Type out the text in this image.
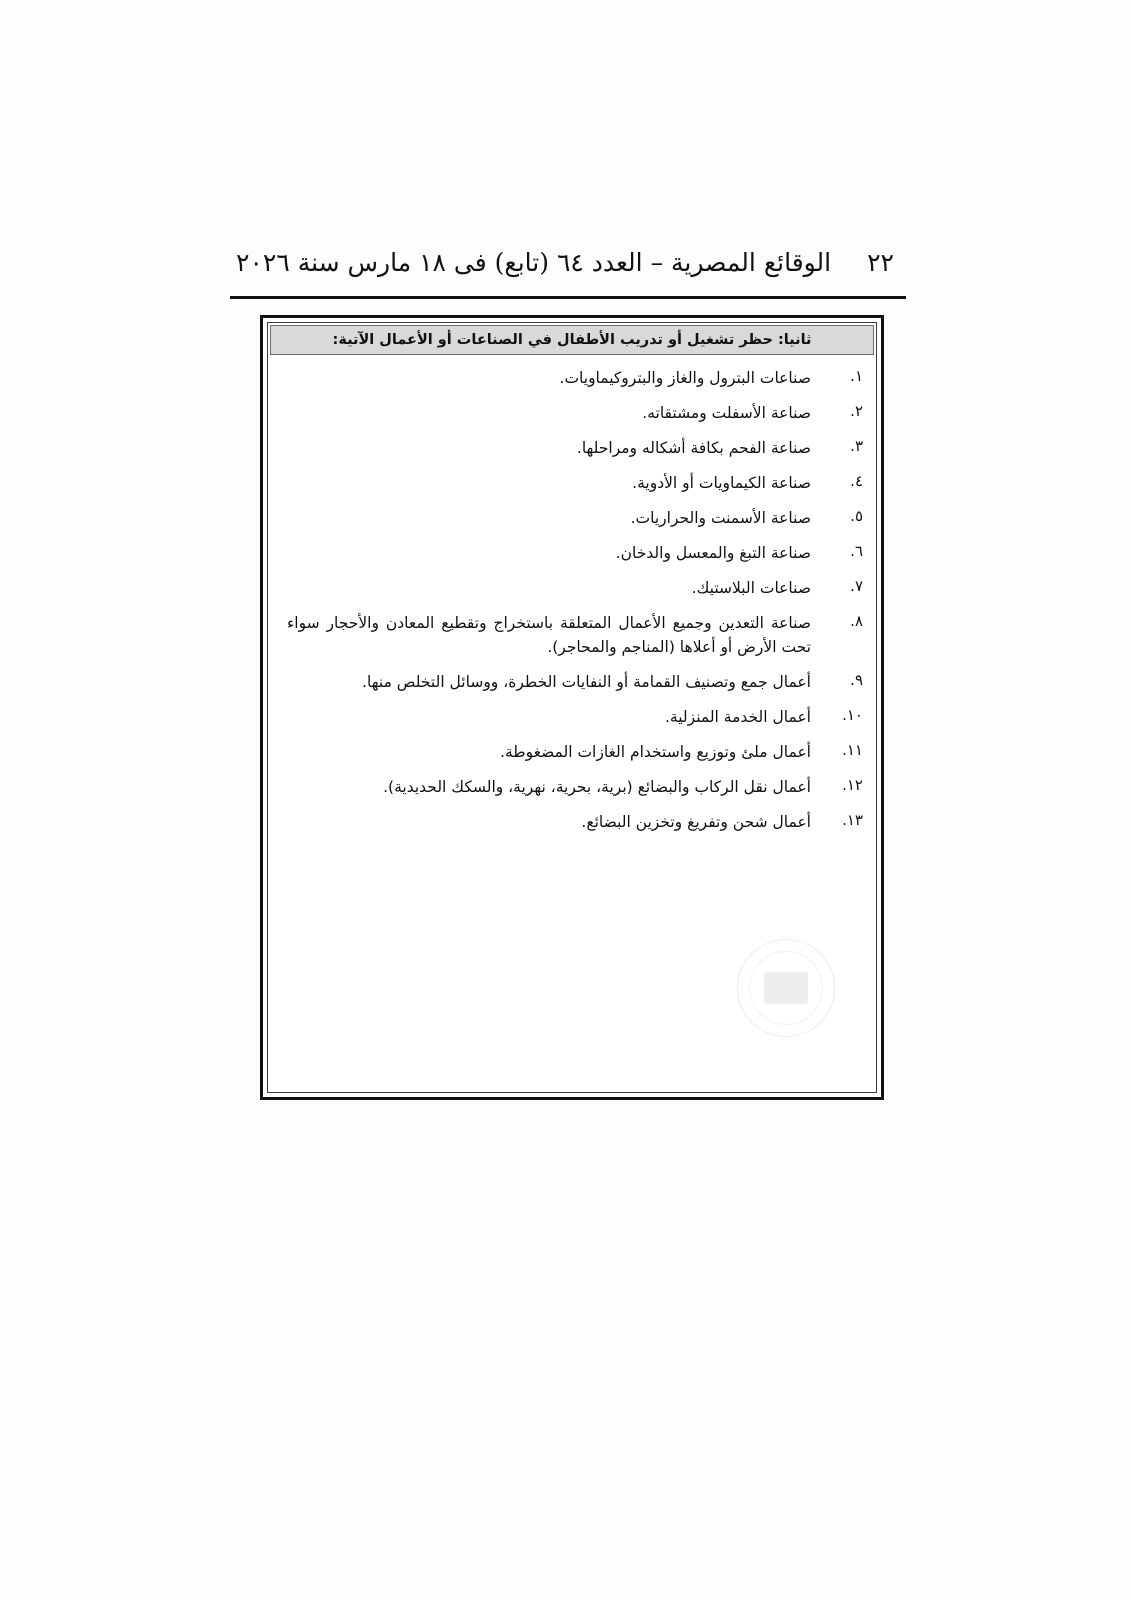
٢٢
الوقائع المصرية – العدد ٦٤ (تابع) فى ١٨ مارس سنة ٢٠٢٦
ثانيا: حظر تشغيل أو تدريب الأطفال في الصناعات أو الأعمال الآتية:
١.
صناعات البترول والغاز والبتروكيماويات.
٢.
صناعة الأسفلت ومشتقاته.
٣.
صناعة الفحم بكافة أشكاله ومراحلها.
٤.
صناعة الكيماويات أو الأدوية.
٥.
صناعة الأسمنت والحراريات.
٦.
صناعة التبغ والمعسل والدخان.
٧.
صناعات البلاستيك.
٨.
صناعة التعدين وجميع الأعمال المتعلقة باستخراج وتقطيع المعادن والأحجار سواء تحت الأرض أو أعلاها (المناجم والمحاجر).
٩.
أعمال جمع وتصنيف القمامة أو النفايات الخطرة، ووسائل التخلص منها.
١٠.
أعمال الخدمة المنزلية.
١١.
أعمال ملئ وتوزيع واستخدام الغازات المضغوطة.
١٢.
أعمال نقل الركاب والبضائع (برية، بحرية، نهرية، والسكك الحديدية).
١٣.
أعمال شحن وتفريغ وتخزين البضائع.
